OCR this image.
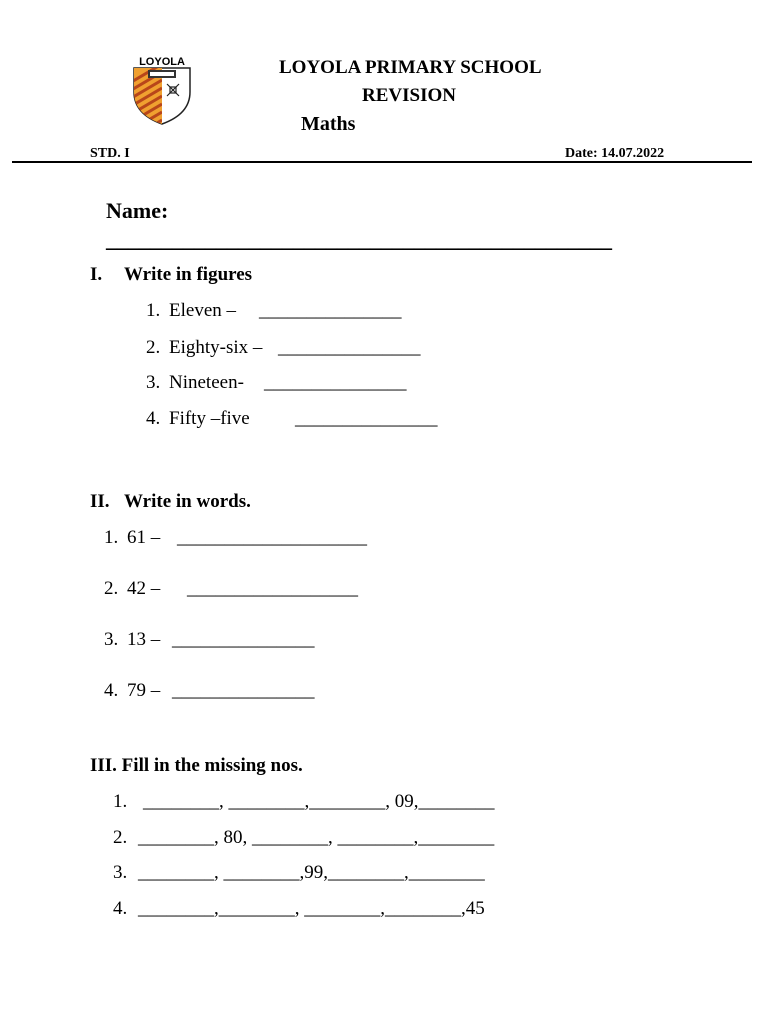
LOYOLA	LOYOLA PRIMARY SCHOOL
REVISION
Maths
STD. I	Date: 14.07.2022
Name:
______________________________________________
I. Write in figures
1. Eleven – _______________
2. Eighty-six – _______________
3. Nineteen- _______________
4. Fifty –five _______________
II. Write in words.
1. 61 – ____________________
2. 42 – __________________
3. 13 – _______________
4. 79 – _______________
III. Fill in the missing nos.
1. ________, ________,________, 09,________
2. ________, 80, ________, ________,________
3. ________, ________,99,________,________
4. ________,________, ________,________,45
